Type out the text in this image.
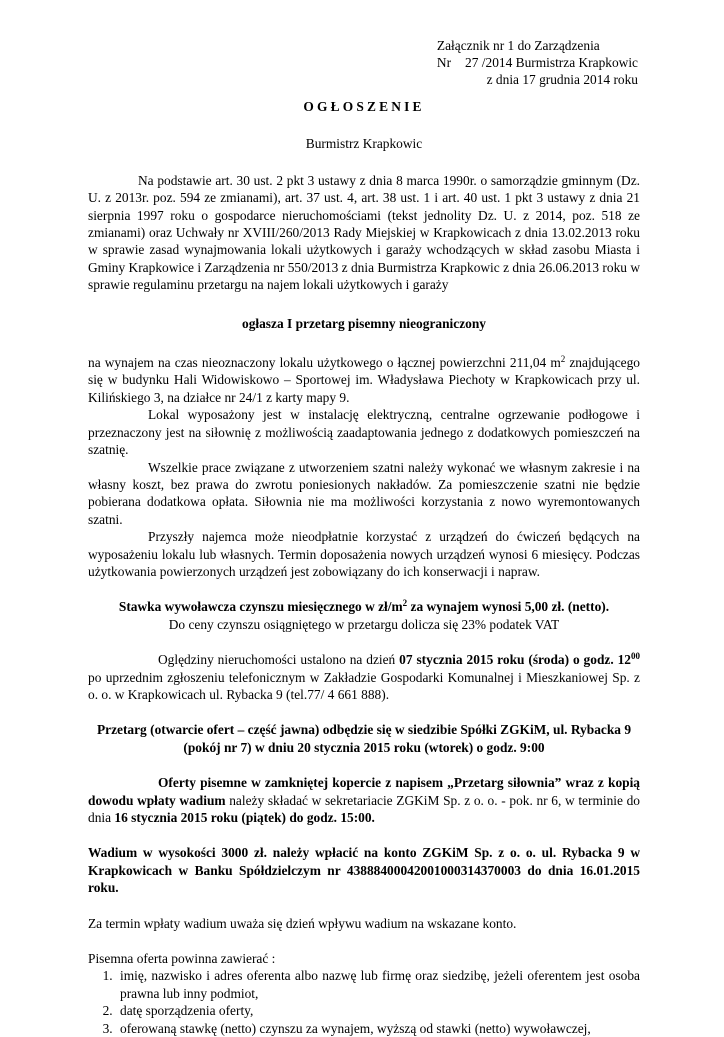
Załącznik nr 1 do Zarządzenia
Nr 27 /2014 Burmistrza Krapkowic
z dnia 17 grudnia 2014 roku
OGŁOSZENIE
Burmistrz Krapkowic

Na podstawie art. 30 ust. 2 pkt 3 ustawy z dnia 8 marca 1990r. o samorządzie gminnym (Dz. U. z 2013r. poz. 594 ze zmianami), art. 37 ust. 4, art. 38 ust. 1 i art. 40 ust. 1 pkt 3 ustawy z dnia 21 sierpnia 1997 roku o gospodarce nieruchomościami (tekst jednolity Dz. U. z 2014, poz. 518 ze zmianami) oraz Uchwały nr XVIII/260/2013 Rady Miejskiej w Krapkowicach z dnia 13.02.2013 roku w sprawie zasad wynajmowania lokali użytkowych i garaży wchodzących w skład zasobu Miasta i Gminy Krapkowice i Zarządzenia nr 550/2013 z dnia Burmistrza Krapkowic z dnia 26.06.2013 roku w sprawie regulaminu przetargu na najem lokali użytkowych i garaży

ogłasza I przetarg pisemny nieograniczony

na wynajem na czas nieoznaczony lokalu użytkowego o łącznej powierzchni 211,04 $m^2$ znajdującego się w budynku Hali Widowiskowo – Sportowej im. Władysława Piechoty w Krapkowicach przy ul. Kilińskiego 3, na działce nr 24/1 z karty mapy 9.

Lokal wyposażony jest w instalację elektryczną, centralne ogrzewanie podłogowe i przeznaczony jest na siłownię z możliwością zaadaptowania jednego z dodatkowych pomieszczeń na szatnię.

Wszelkie prace związane z utworzeniem szatni należy wykonać we własnym zakresie i na własny koszt, bez prawa do zwrotu poniesionych nakładów. Za pomieszczenie szatni nie będzie pobierana dodatkowa opłata. Siłownia nie ma możliwości korzystania z nowo wyremontowanych szatni.

Przyszły najemca może nieodpłatnie korzystać z urządzeń do ćwiczeń będących na wyposażeniu lokalu lub własnych. Termin doposażenia nowych urządzeń wynosi 6 miesięcy. Podczas użytkowania powierzonych urządzeń jest zobowiązany do ich konserwacji i napraw.

Stawka wywoławcza czynszu miesięcznego w $zł/m^2$ za wynajem wynosi 5,00 zł. (netto).

Do ceny czynszu osiągniętego w przetargu dolicza się 23% podatek VAT

Oględziny nieruchomości ustalono na dzień 07 stycznia 2015 roku (środa) o godz. $12^{00}$ po uprzednim zgłoszeniu telefonicznym w Zakładzie Gospodarki Komunalnej i Mieszkaniowej Sp. z o. o. w Krapkowicach ul. Rybacka 9 (tel.77/ 4 661 888).

Przetarg (otwarcie ofert – część jawna) odbędzie się w siedzibie Spółki ZGKiM, ul. Rybacka 9 (pokój nr 7) w dniu 20 stycznia 2015 roku (wtorek) o godz. 9:00

Oferty pisemne w zamkniętej kopercie z napisem „Przetarg siłownia” wraz z kopią dowodu wpłaty wadium należy składać w sekretariacie ZGKiM Sp. z o. o. - pok. nr 6, w terminie do dnia 16 stycznia 2015 roku (piątek) do godz. 15:00.

Wadium w wysokości 3000 zł. należy wpłacić na konto ZGKiM Sp. z o. o. ul. Rybacka 9 w Krapkowicach w Banku Spółdzielczym nr 43888400042001000314370003 do dnia 16.01.2015 roku.

Za termin wpłaty wadium uważa się dzień wpływu wadium na wskazane konto.

Pisemna oferta powinna zawierać :

1. imię, nazwisko i adres oferenta albo nazwę lub firmę oraz siedzibę, jeżeli oferentem jest osoba prawna lub inny podmiot,
2. datę sporządzenia oferty,
3. oferowaną stawkę (netto) czynszu za wynajem, wyższą od stawki (netto) wywoławczej,
